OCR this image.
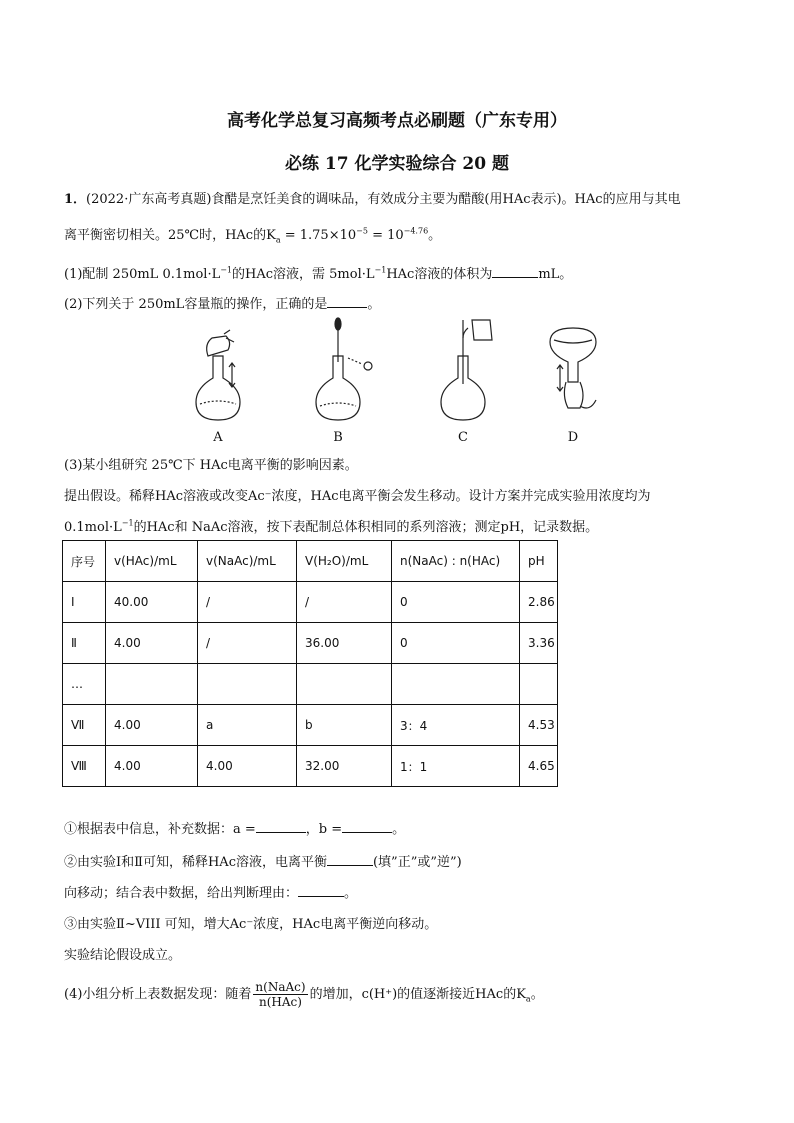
高考化学总复习高频考点必刷题（广东专用）
必练 17 化学实验综合 20 题
1．(2022·广东高考真题)食醋是烹饪美食的调味品，有效成分主要为醋酸(用HAc表示)。HAc的应用与其电
离平衡密切相关。25℃时，HAc的$K_a = 1.75\times 10^{-5} = 10^{-4.76}$。
(1)配制 250mL $0.1mol\cdot L^{-1}$的HAc溶液，需 $5mol\cdot L^{-1}HAc$溶液的体积为	mL。
(2)下列关于 250mL容量瓶的操作，正确的是	。
A	B	C	D
(3)某小组研究 25℃下 HAc电离平衡的影响因素。
提出假设。稀释HAc溶液或改变Ac⁻浓度，HAc电离平衡会发生移动。设计方案并完成实验用浓度均为
$0.1mol\cdot L^{-1}$的HAc和 NaAc溶液，按下表配制总体积相同的系列溶液；测定pH，记录数据。
序号	v(HAc)/mL	v(NaAc)/mL	V(H₂O)/mL	n(NaAc) : n(HAc)	pH
Ⅰ	40.00	/	/	0	2.86
Ⅱ	4.00	/	36.00	0	3.36
…					
Ⅶ	4.00	a	b	3：4	4.53
Ⅷ	4.00	4.00	32.00	1：1	4.65
①根据表中信息，补充数据：a =	，b =	。
②由实验Ⅰ和Ⅱ可知，稀释HAc溶液，电离平衡	(填”正”或”逆”)
向移动；结合表中数据，给出判断理由：	。
③由实验Ⅱ~VIII 可知，增大Ac⁻浓度，HAc电离平衡逆向移动。
实验结论假设成立。
(4)小组分析上表数据发现：随着 $\frac{\text{n(NaAc)}}{\text{n(HAc)}}$ 的增加，c(H⁺)的值逐渐接近HAc的$K_a$。
